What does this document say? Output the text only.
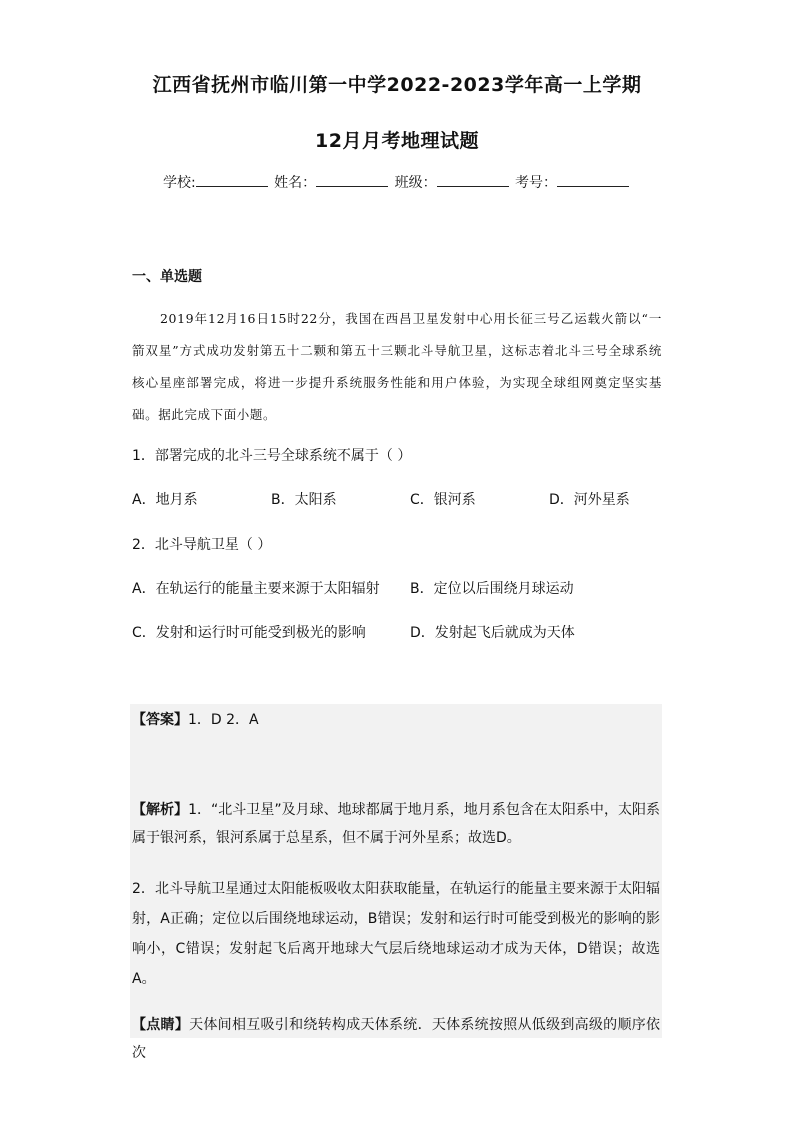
江西省抚州市临川第一中学2022-2023学年高一上学期
12月月考地理试题
学校:	姓名：	班级：	考号：
一、单选题
2019年12月16日15时22分，我国在西昌卫星发射中心用长征三号乙运载火箭以“一箭双星”方式成功发射第五十二颗和第五十三颗北斗导航卫星，这标志着北斗三号全球系统核心星座部署完成，将进一步提升系统服务性能和用户体验，为实现全球组网奠定坚实基础。据此完成下面小题。
1．部署完成的北斗三号全球系统不属于（ ）
A．地月系	B．太阳系	C．银河系	D．河外星系
2．北斗导航卫星（ ）
A．在轨运行的能量主要来源于太阳辐射 B．定位以后围绕月球运动
C．发射和运行时可能受到极光的影响	D．发射起飞后就成为天体
【答案】1．D 2．A
【解析】1．“北斗卫星”及月球、地球都属于地月系，地月系包含在太阳系中，太阳系属于银河系，银河系属于总星系，但不属于河外星系；故选D。
2．北斗导航卫星通过太阳能板吸收太阳获取能量，在轨运行的能量主要来源于太阳辐射，A正确；定位以后围绕地球运动，B错误；发射和运行时可能受到极光的影响的影响小，C错误；发射起飞后离开地球大气层后绕地球运动才成为天体，D错误；故选A。
【点睛】天体间相互吸引和绕转构成天体系统．天体系统按照从低级到高级的顺序依次
